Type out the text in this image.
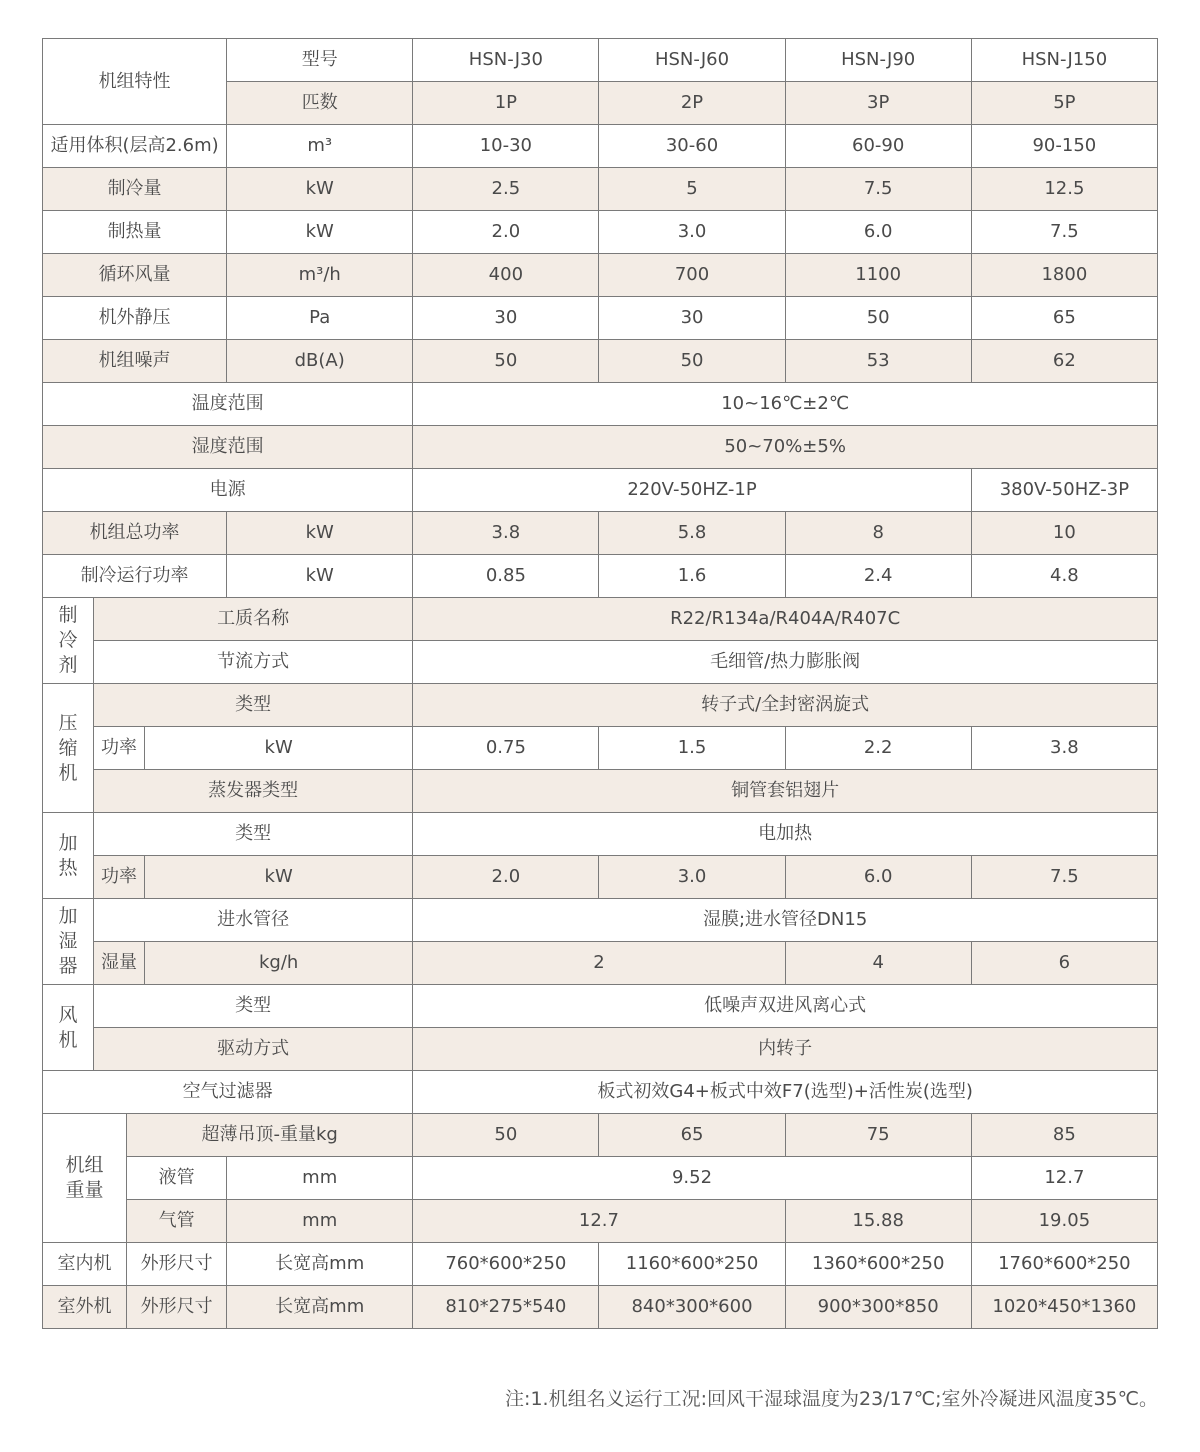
机组特性				型号	HSN-J30	HSN-J60	HSN-J90	HSN-J150
				匹数	1P	2P	3P	5P
适用体积(层高2.6m)				m³	10-30	30-60	60-90	90-150
制冷量				kW	2.5	5	7.5	12.5
制热量				kW	2.0	3.0	6.0	7.5
循环风量				m³/h	400	700	1100	1800
机外静压				Pa	30	30	50	65
机组噪声				dB(A)	50	50	53	62
温度范围					10~16℃±2℃			
湿度范围					50~70%±5%			
电源					220V-50HZ-1P			380V-50HZ-3P
机组总功率				kW	3.8	5.8	8	10
制冷运行功率				kW	0.85	1.6	2.4	4.8

制冷剂	工质名称				R22/R134a/R404A/R407C			
	节流方式				毛细管/热力膨胀阀			

压缩机	类型				转子式/全封密涡旋式			
	功率		kW		0.75	1.5	2.2	3.8
	蒸发器类型				铜管套铝翅片			

加热	类型				电加热			
	功率		kW		2.0	3.0	6.0	7.5

加湿器	进水管径				湿膜;进水管径DN15			
	湿量		kg/h		2		4	6

风机	类型				低噪声双进风离心式			
	驱动方式				内转子			
空气过滤器					板式初效G4+板式中效F7(选型)+活性炭(选型)			

机组重量		超薄吊顶-重量kg			50	65	75	85
		液管		mm	9.52			12.7
		气管		mm	12.7		15.88	19.05
室内机		外形尺寸		长宽高mm	760*600*250	1160*600*250	1360*600*250	1760*600*250
室外机		外形尺寸		长宽高mm	810*275*540	840*300*600	900*300*850	1020*450*1360
注:1.机组名义运行工况:回风干湿球温度为23/17℃;室外冷凝进风温度35℃。
